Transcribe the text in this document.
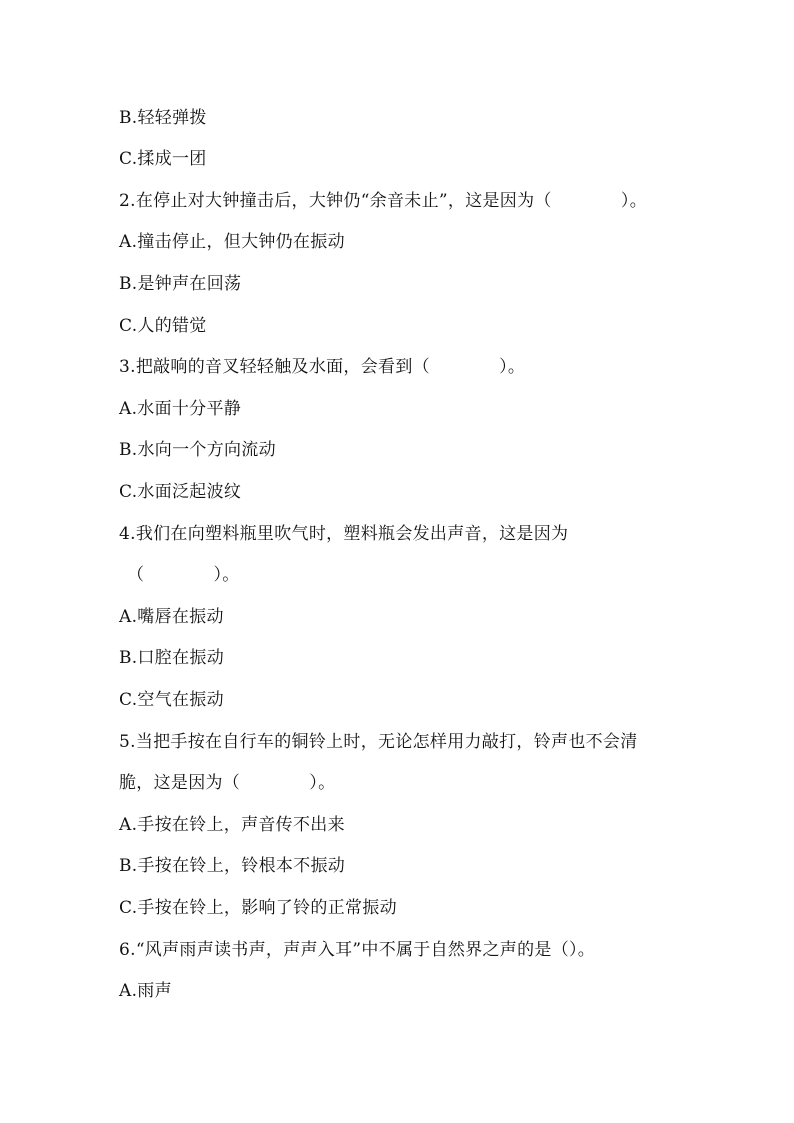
B.轻轻弹拨
C.揉成一团
2.在停止对大钟撞击后，大钟仍“余音未止”，这是因为（　　　　）。
A.撞击停止，但大钟仍在振动
B.是钟声在回荡
C.人的错觉
3.把敲响的音叉轻轻触及水面，会看到（　　　　）。
A.水面十分平静
B.水向一个方向流动
C.水面泛起波纹
4.我们在向塑料瓶里吹气时，塑料瓶会发出声音，这是因为
（　　　　）。
A.嘴唇在振动
B.口腔在振动
C.空气在振动
5.当把手按在自行车的铜铃上时，无论怎样用力敲打，铃声也不会清
脆，这是因为（　　　　）。
A.手按在铃上，声音传不出来
B.手按在铃上，铃根本不振动
C.手按在铃上，影响了铃的正常振动
6.“风声雨声读书声，声声入耳”中不属于自然界之声的是（）。
A.雨声
